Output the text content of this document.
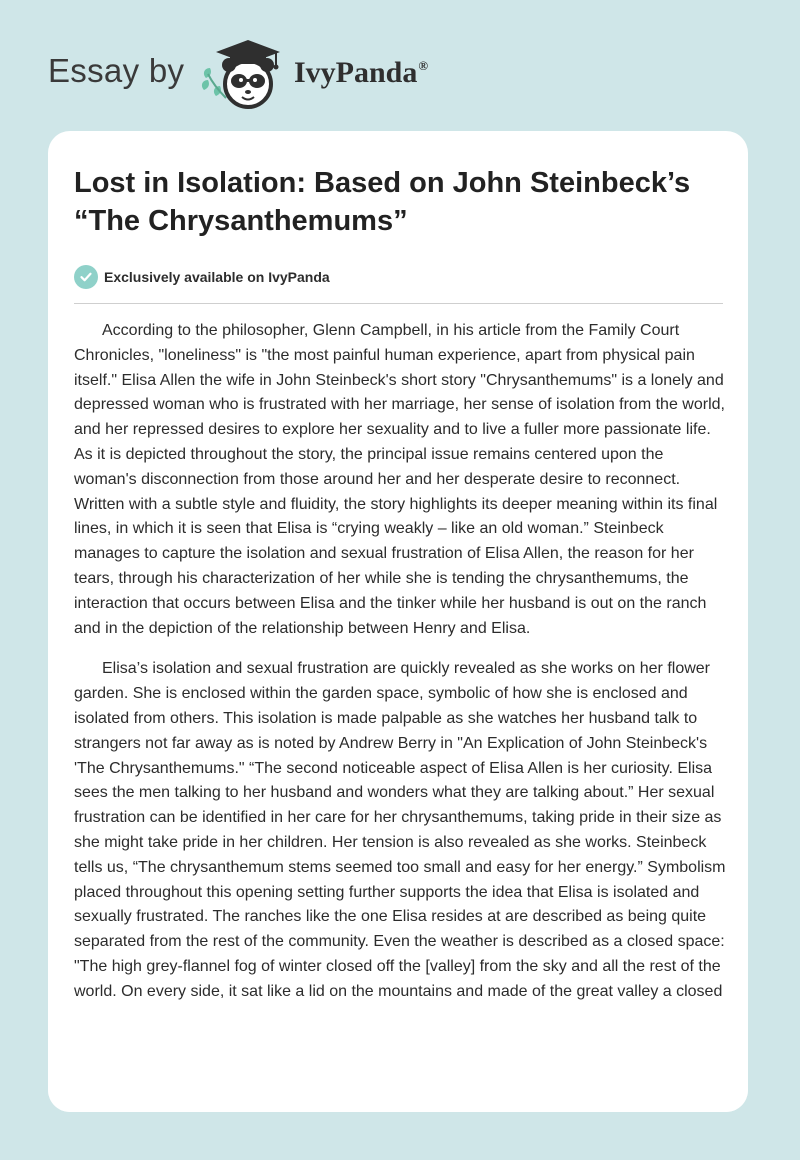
Essay by	IvyPanda®
Lost in Isolation: Based on John Steinbeck’s “The Chrysanthemums”
Exclusively available on IvyPanda

According to the philosopher, Glenn Campbell, in his article from the Family Court Chronicles, "loneliness" is "the most painful human experience, apart from physical pain itself." Elisa Allen the wife in John Steinbeck's short story "Chrysanthemums" is a lonely and depressed woman who is frustrated with her marriage, her sense of isolation from the world, and her repressed desires to explore her sexuality and to live a fuller more passionate life. As it is depicted throughout the story, the principal issue remains centered upon the woman's disconnection from those around her and her desperate desire to reconnect. Written with a subtle style and fluidity, the story highlights its deeper meaning within its final lines, in which it is seen that Elisa is “crying weakly – like an old woman.” Steinbeck manages to capture the isolation and sexual frustration of Elisa Allen, the reason for her tears, through his characterization of her while she is tending the chrysanthemums, the interaction that occurs between Elisa and the tinker while her husband is out on the ranch and in the depiction of the relationship between Henry and Elisa.

Elisa’s isolation and sexual frustration are quickly revealed as she works on her flower garden. She is enclosed within the garden space, symbolic of how she is enclosed and isolated from others. This isolation is made palpable as she watches her husband talk to strangers not far away as is noted by Andrew Berry in "An Explication of John Steinbeck's 'The Chrysanthemums." “The second noticeable aspect of Elisa Allen is her curiosity. Elisa sees the men talking to her husband and wonders what they are talking about.” Her sexual frustration can be identified in her care for her chrysanthemums, taking pride in their size as she might take pride in her children. Her tension is also revealed as she works. Steinbeck tells us, “The chrysanthemum stems seemed too small and easy for her energy.” Symbolism placed throughout this opening setting further supports the idea that Elisa is isolated and sexually frustrated. The ranches like the one Elisa resides at are described as being quite separated from the rest of the community. Even the weather is described as a closed space: "The high grey-flannel fog of winter closed off the [valley] from the sky and all the rest of the world. On every side, it sat like a lid on the mountains and made of the great valley a closed
